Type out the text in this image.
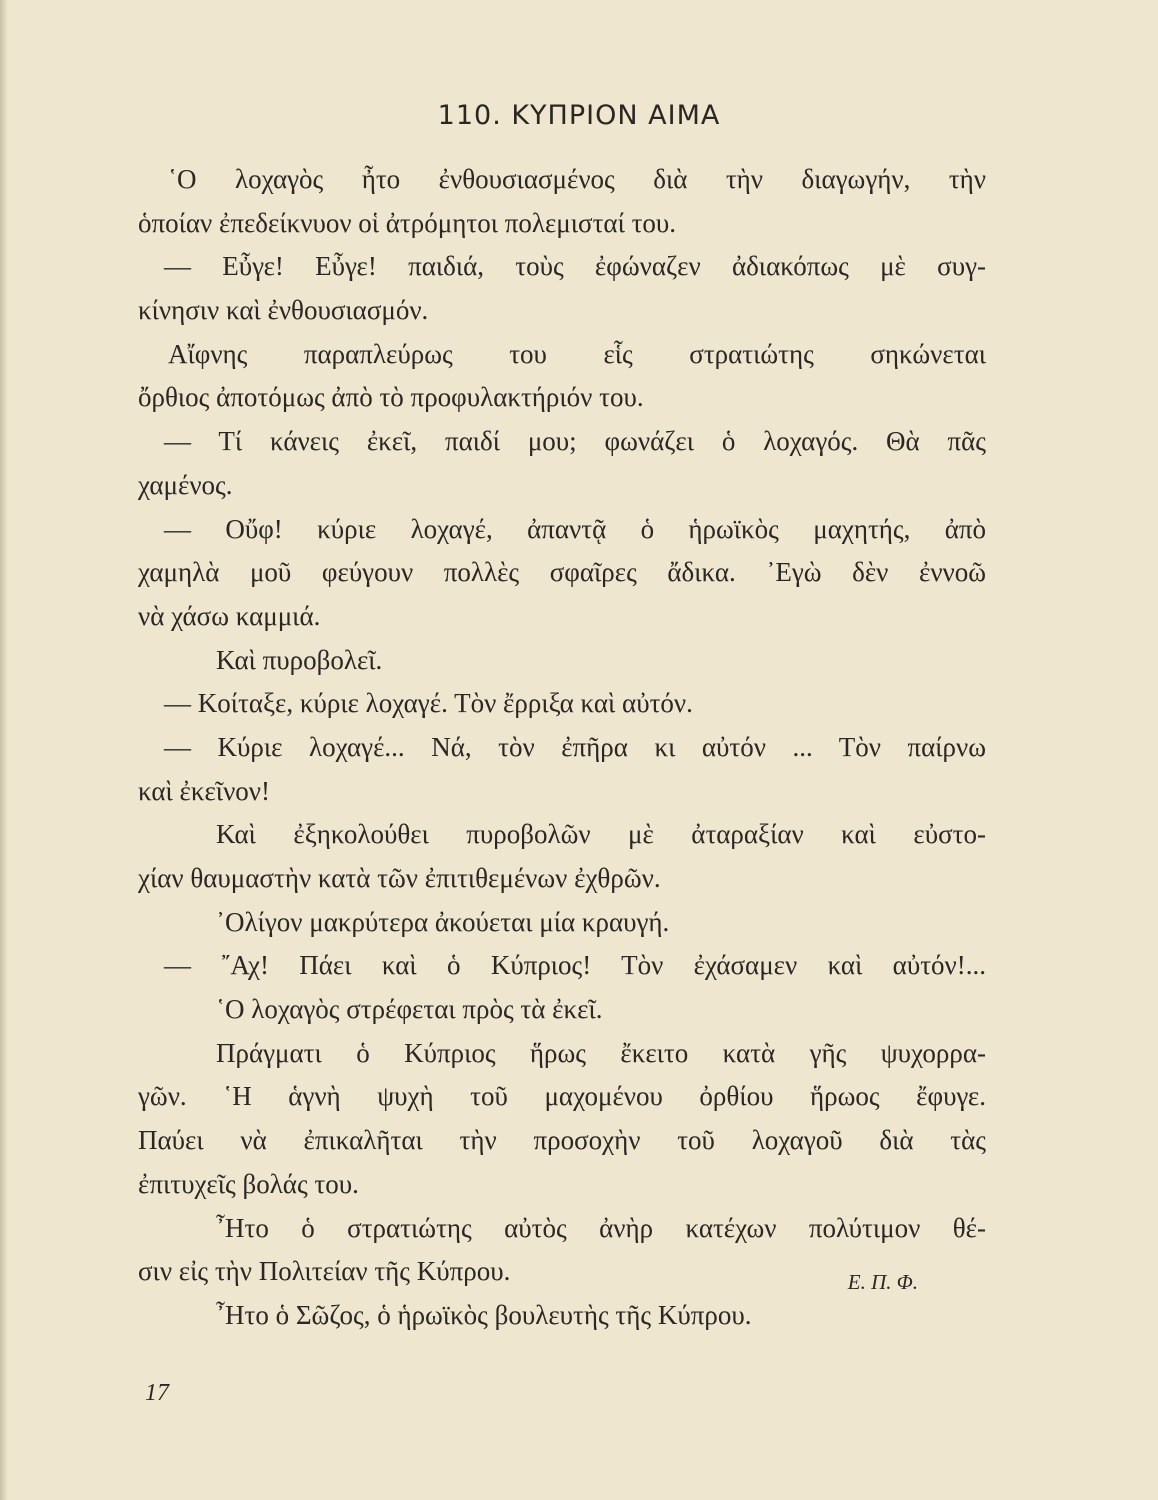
110. ΚΥΠΡΙΟΝ ΑΙΜΑ
῾Ο λοχαγὸς ἦτο ἐνθουσιασμένος διὰ τὴν διαγωγήν, τὴν
ὁποίαν ἐπεδείκνυον οἱ ἀτρόμητοι πολεμισταί του.
— Εὖγε! Εὖγε! παιδιά, τοὺς ἐφώναζεν ἀδιακόπως μὲ συγ-
κίνησιν καὶ ἐνθουσιασμόν.
Αἴφνης παραπλεύρως του εἷς στρατιώτης σηκώνεται
ὄρθιος ἀποτόμως ἀπὸ τὸ προφυλακτήριόν του.
— Τί κάνεις ἐκεῖ, παιδί μου; φωνάζει ὁ λοχαγός. Θὰ πᾶς
χαμένος.
— Οὔφ! κύριε λοχαγέ, ἀπαντᾷ ὁ ἡρωϊκὸς μαχητής, ἀπὸ
χαμηλὰ μοῦ φεύγουν πολλὲς σφαῖρες ἄδικα. ᾿Εγὼ δὲν ἐννοῶ
νὰ χάσω καμμιά.
Καὶ πυροβολεῖ.
— Κοίταξε, κύριε λοχαγέ. Τὸν ἔρριξα καὶ αὐτόν.
— Κύριε λοχαγέ... Νά, τὸν ἐπῆρα κι αὐτόν ... Τὸν παίρνω
καὶ ἐκεῖνον!
Καὶ ἐξηκολούθει πυροβολῶν μὲ ἀταραξίαν καὶ εὐστο-
χίαν θαυμαστὴν κατὰ τῶν ἐπιτιθεμένων ἐχθρῶν.
᾿Ολίγον μακρύτερα ἀκούεται μία κραυγή.
— ῎Αχ! Πάει καὶ ὁ Κύπριος! Τὸν ἐχάσαμεν καὶ αὐτόν!...
῾Ο λοχαγὸς στρέφεται πρὸς τὰ ἐκεῖ.
Πράγματι ὁ Κύπριος ἥρως ἔκειτο κατὰ γῆς ψυχορρα-
γῶν. ῾Η ἁγνὴ ψυχὴ τοῦ μαχομένου ὀρθίου ἥρωος ἔφυγε.
Παύει νὰ ἐπικαλῆται τὴν προσοχὴν τοῦ λοχαγοῦ διὰ τὰς
ἐπιτυχεῖς βολάς του.
῏Ητο ὁ στρατιώτης αὐτὸς ἀνὴρ κατέχων πολύτιμον θέ-
σιν εἰς τὴν Πολιτείαν τῆς Κύπρου.
῏Ητο ὁ Σῶζος, ὁ ἡρωϊκὸς βουλευτὴς τῆς Κύπρου.
Ε. Π. Φ.
17
